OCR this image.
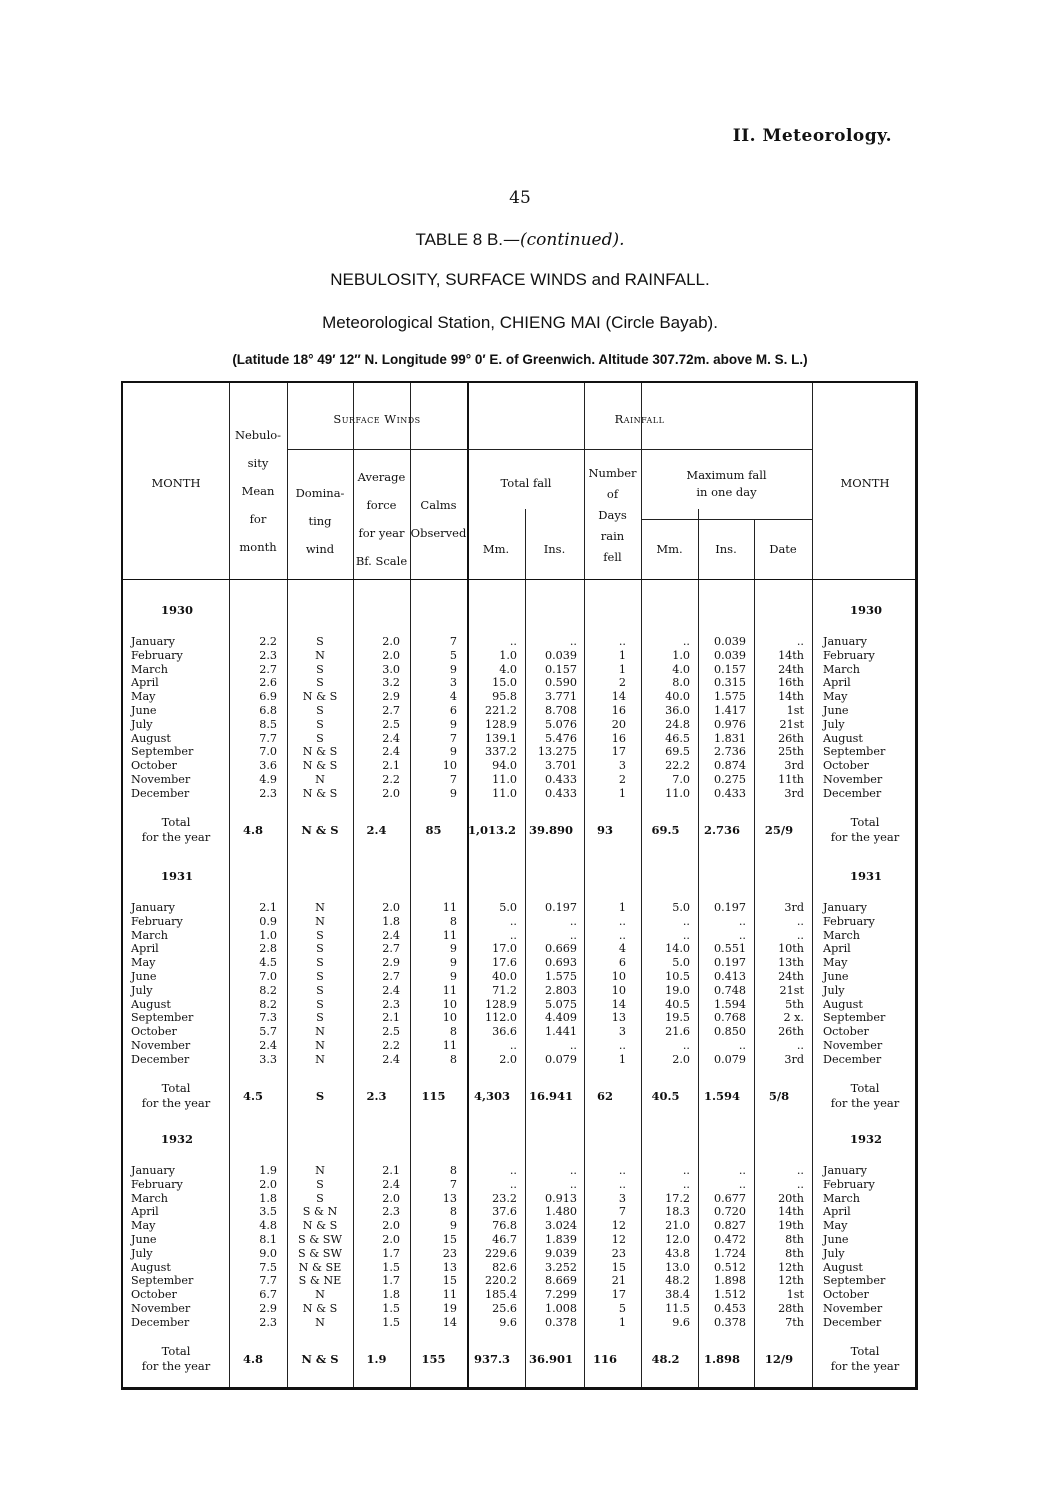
II. Meteorology.
45
TABLE 8 B.—(continued).
NEBULOSITY, SURFACE WINDS and RAINFALL.
Meteorological Station, CHIENG MAI (Circle Bayab).
(Latitude 18° 49′ 12″ N. Longitude 99° 0′ E. of Greenwich. Altitude 307.72m. above M. S. L.)
MONTH
Nebulo-
sity
Mean
for
month
Surface Winds
Domina-
ting
wind
Average
force
for year
Bf. Scale
Calms
Observed
Rainfall
Total fall
Mm.	Ins.
Number
of
Days
rain
fell
Maximum fall
in one day
Mm.	Ins.	Date
MONTH
1930	1930
January	2.2	S	2.0	7	..	..	..	..	0.039	.. January
February	2.3	N	2.0	5	1.0	0.039	1	1.0	0.039	14th February
March	2.7	S	3.0	9	4.0	0.157	1	4.0	0.157	24th March
April	2.6	S	3.2	3	15.0	0.590	2	8.0	0.315	16th April
May	6.9	N & S	2.9	4	95.8	3.771	14	40.0	1.575	14th May
June	6.8	S	2.7	6	221.2	8.708	16	36.0	1.417	1st June
July	8.5	S	2.5	9	128.9	5.076	20	24.8	0.976	21st July
August	7.7	S	2.4	7	139.1	5.476	16	46.5	1.831	26th August
September	7.0	N & S	2.4	9	337.2	13.275	17	69.5	2.736	25th September
October	3.6	N & S	2.1	10	94.0	3.701	3	22.2	0.874	3rd October
November	4.9	N	2.2	7	11.0	0.433	2	7.0	0.275	11th November
December	2.3	N & S	2.0	9	11.0	0.433	1	11.0	0.433	3rd December
Total
for the year
Total
for the year
4.8	N & S	2.4	85	1,013.2	39.890	93	69.5	2.736	25/9
1931	1931
January	2.1	N	2.0	11	5.0	0.197	1	5.0	0.197	3rd January
February	0.9	N	1.8	8	..	..	..	..	..	.. February
March	1.0	S	2.4	11	..	..	..	..	..	.. March
April	2.8	S	2.7	9	17.0	0.669	4	14.0	0.551	10th April
May	4.5	S	2.9	9	17.6	0.693	6	5.0	0.197	13th May
June	7.0	S	2.7	9	40.0	1.575	10	10.5	0.413	24th June
July	8.2	S	2.4	11	71.2	2.803	10	19.0	0.748	21st July
August	8.2	S	2.3	10	128.9	5.075	14	40.5	1.594	5th August
September	7.3	S	2.1	10	112.0	4.409	13	19.5	0.768	2 x. September
October	5.7	N	2.5	8	36.6	1.441	3	21.6	0.850	26th October
November	2.4	N	2.2	11	..	..	..	..	..	.. November
December	3.3	N	2.4	8	2.0	0.079	1	2.0	0.079	3rd December
Total
for the year
Total
for the year
4.5	S	2.3	115	4,303	16.941	62	40.5	1.594	5/8
1932	1932
January	1.9	N	2.1	8	..	..	..	..	..	.. January
February	2.0	S	2.4	7	..	..	..	..	..	.. February
March	1.8	S	2.0	13	23.2	0.913	3	17.2	0.677	20th March
April	3.5	S & N	2.3	8	37.6	1.480	7	18.3	0.720	14th April
May	4.8	N & S	2.0	9	76.8	3.024	12	21.0	0.827	19th May
June	8.1	S & SW	2.0	15	46.7	1.839	12	12.0	0.472	8th June
July	9.0	S & SW	1.7	23	229.6	9.039	23	43.8	1.724	8th July
August	7.5	N & SE	1.5	13	82.6	3.252	15	13.0	0.512	12th August
September	7.7	S & NE	1.7	15	220.2	8.669	21	48.2	1.898	12th September
October	6.7	N	1.8	11	185.4	7.299	17	38.4	1.512	1st October
November	2.9	N & S	1.5	19	25.6	1.008	5	11.5	0.453	28th November
December	2.3	N	1.5	14	9.6	0.378	1	9.6	0.378	7th December
Total
for the year
Total
for the year
4.8	N & S	1.9	155	937.3	36.901	116	48.2	1.898	12/9
